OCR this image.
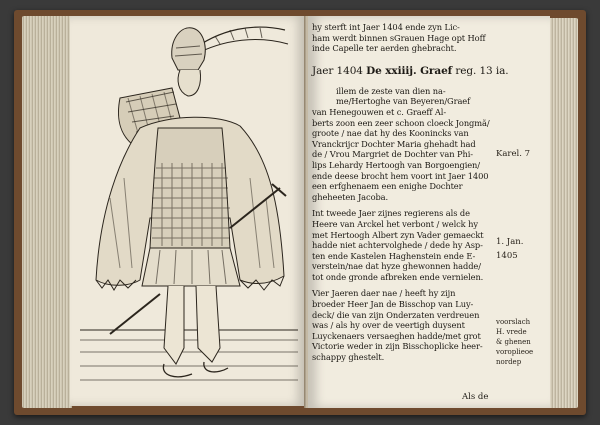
hy sterft int Jaer 1404 ende zyn Lic-
ham werdt binnen sGrauen Hage opt Hoff
inde Capelle ter aerden ghebracht.
Jaer 1404 De xxiiij. Graef reg. 13 ia.
illem de zeste van dien na-
me/Hertoghe van Beyeren/Graef
van Henegouwen et c. Graeff Al-
berts zoon een zeer schoon cloeck Jongmã/
groote / nae dat hy des Koonincks van
Vranckrijcr Dochter Maria ghehadt had
de / Vrou Margriet de Dochter van Phi-
lips Lehardy Hertoogh van Borgoengien/
ende deese brocht hem voort int Jaer 1400
een erfghenaem een enighe Dochter
gheheeten Jacoba.
Int tweede Jaer zijnes regierens als de
Heere van Arckel het verbont / welck hy
met Hertoogh Albert zyn Vader gemaeckt
hadde niet achtervolghede / dede hy Asp-
ten ende Kastelen Haghenstein ende E-
verstein/nae dat hyze ghewonnen hadde/
tot onde gronde afbreken ende vernielen.
Vier Jaeren daer nae / heeft hy zijn
broeder Heer Jan de Bisschop van Luy-
deck/ die van zijn Onderzaten verdreuen
was / als hy over de veertigh duysent
Luyckenaers versaeghen hadde/met grot
Victorie weder in zijn Bisschoplicke heer-
schappy ghestelt.
Karel. 7
1. Jan.
1405
voorslach
H. vrede
& ghenen
voroplieoe
nordep
Als de
